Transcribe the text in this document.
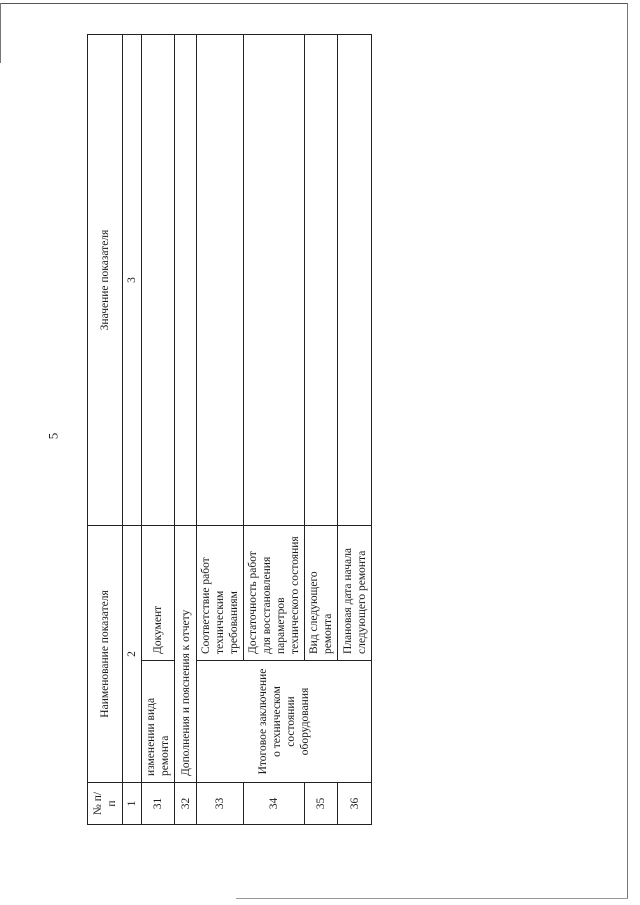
5
№ п/п	Наименование показателя		Значение показателя
1	2		3
31	изменении вида ремонта	Документ	
32	Дополнения и пояснения к отчету		
33	Итоговое заключение о техническом состоянии оборудования	Соответствие работ техническим требованиям	
34		Достаточность работ для восстановления параметров технического состояния	
35		Вид следующего ремонта	
36		Плановая дата начала следующего ремонта	
